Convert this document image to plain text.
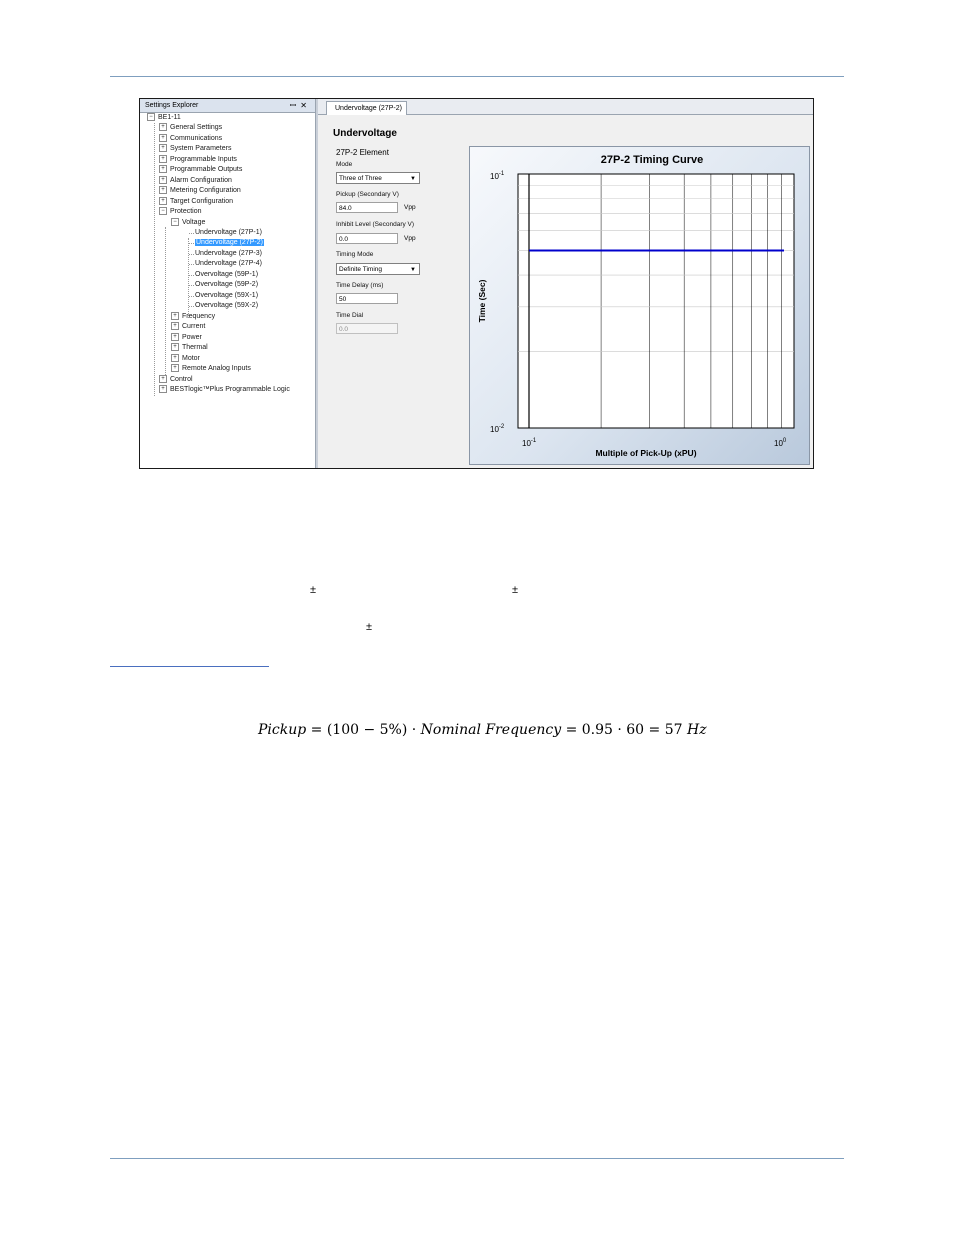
Settings Explorer	ꟷ✕
− BE1-11
+ General Settings
+ Communications
+ System Parameters
+ Programmable Inputs
+ Programmable Outputs
+ Alarm Configuration
+ Metering Configuration
+ Target Configuration
− Protection
− Voltage
Undervoltage (27P-1)
Undervoltage (27P-2)
Undervoltage (27P-3)
Undervoltage (27P-4)
Overvoltage (59P-1)
Overvoltage (59P-2)
Overvoltage (59X-1)
Overvoltage (59X-2)
+ Frequency
+ Current
+ Power
+ Thermal
+ Motor
+ Remote Analog Inputs
+ Control
+ BESTlogic™Plus Programmable Logic
Undervoltage (27P-2)
Undervoltage
27P-2 Element
Mode
Three of Three	▼
Pickup (Secondary V)
84.0	Vpp
Inhibit Level (Secondary V)
0.0	Vpp
Timing Mode
Definite Timing	▼
Time Delay (ms)
50
Time Dial
0.0
27P-2 Timing Curve
Multiple of Pick-Up (xPU)
Time (Sec)
$10^{-1}$	$10^0$
$10^{-1}$
$10^{-2}$
±	±
±
Pickup = (100 − 5%) · Nominal Frequency = 0.95 · 60 = 57 Hz
